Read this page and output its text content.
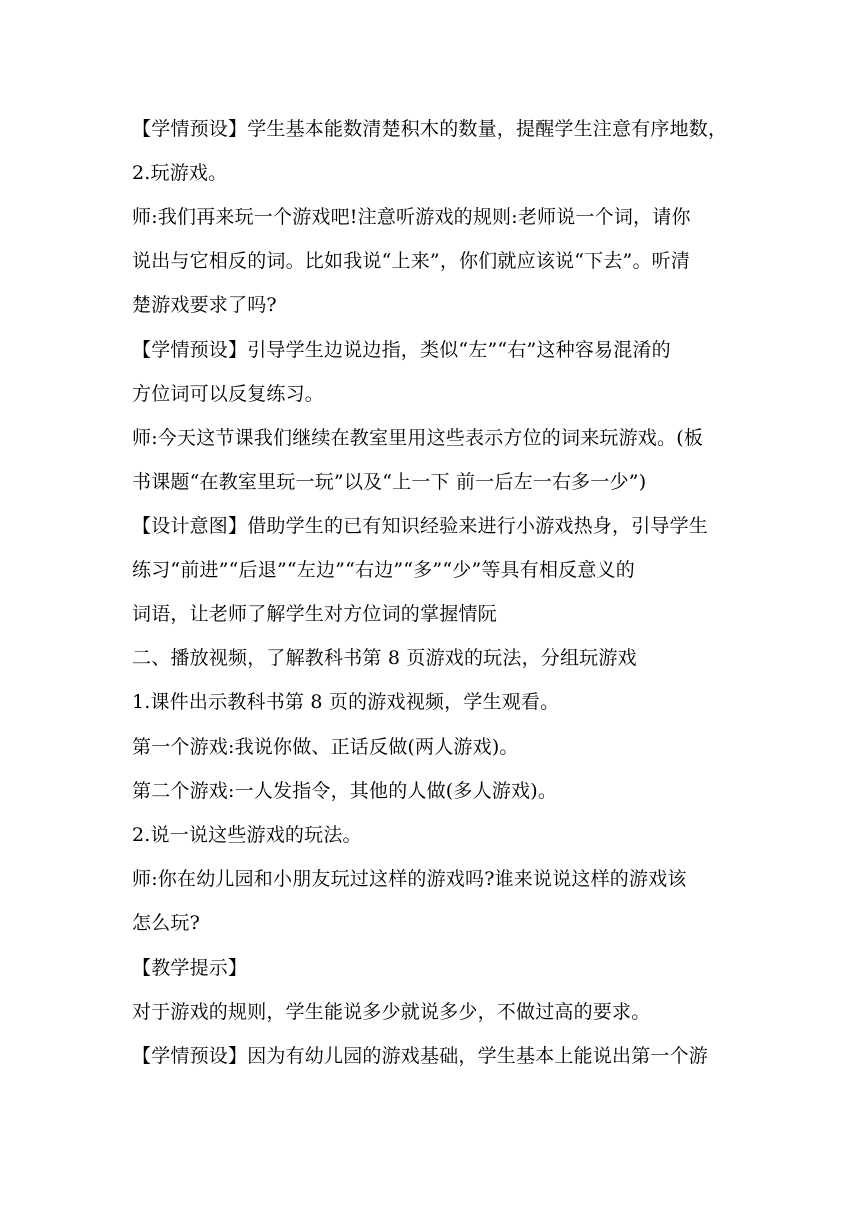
【学情预设】学生基本能数清楚积木的数量，提醒学生注意有序地数，
2.玩游戏。
师:我们再来玩一个游戏吧!注意听游戏的规则:老师说一个词，请你
说出与它相反的词。比如我说“上来”，你们就应该说“下去”。听清
楚游戏要求了吗?
【学情预设】引导学生边说边指，类似“左”“右”这种容易混淆的
方位词可以反复练习。
师:今天这节课我们继续在教室里用这些表示方位的词来玩游戏。(板
书课题“在教室里玩一玩”以及“上一下 前一后左一右多一少”)
【设计意图】借助学生的已有知识经验来进行小游戏热身，引导学生
练习“前进”“后退”“左边”“右边”“多”“少”等具有相反意义的
词语，让老师了解学生对方位词的掌握情阮
二、播放视频，了解教科书第 8 页游戏的玩法，分组玩游戏
1.课件出示教科书第 8 页的游戏视频，学生观看。
第一个游戏:我说你做、正话反做(两人游戏)。
第二个游戏:一人发指令，其他的人做(多人游戏)。
2.说一说这些游戏的玩法。
师:你在幼儿园和小朋友玩过这样的游戏吗?谁来说说这样的游戏该
怎么玩?
【教学提示】
对于游戏的规则，学生能说多少就说多少，不做过高的要求。
【学情预设】因为有幼儿园的游戏基础，学生基本上能说出第一个游
